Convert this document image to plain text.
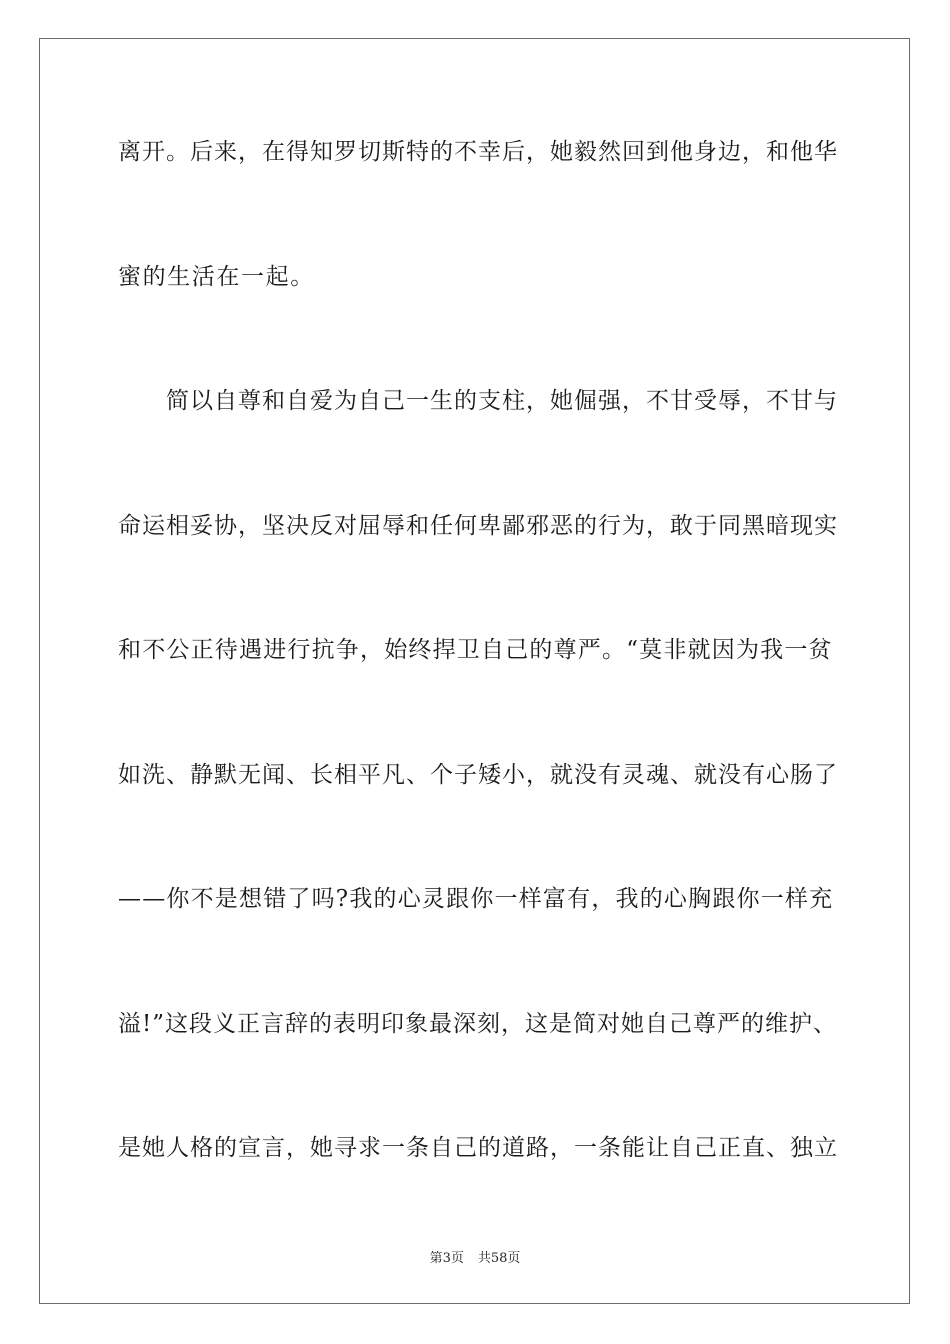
离开。后来，在得知罗切斯特的不幸后，她毅然回到他身边，和他华
蜜的生活在一起。
　　简以自尊和自爱为自己一生的支柱，她倔强，不甘受辱，不甘与
命运相妥协，坚决反对屈辱和任何卑鄙邪恶的行为，敢于同黑暗现实
和不公正待遇进行抗争，始终捍卫自己的尊严。“莫非就因为我一贫
如洗、静默无闻、长相平凡、个子矮小，就没有灵魂、就没有心肠了
——你不是想错了吗?我的心灵跟你一样富有，我的心胸跟你一样充
溢!”这段义正言辞的表明印象最深刻，这是简对她自己尊严的维护、
是她人格的宣言，她寻求一条自己的道路，一条能让自己正直、独立
第3页 共58页
